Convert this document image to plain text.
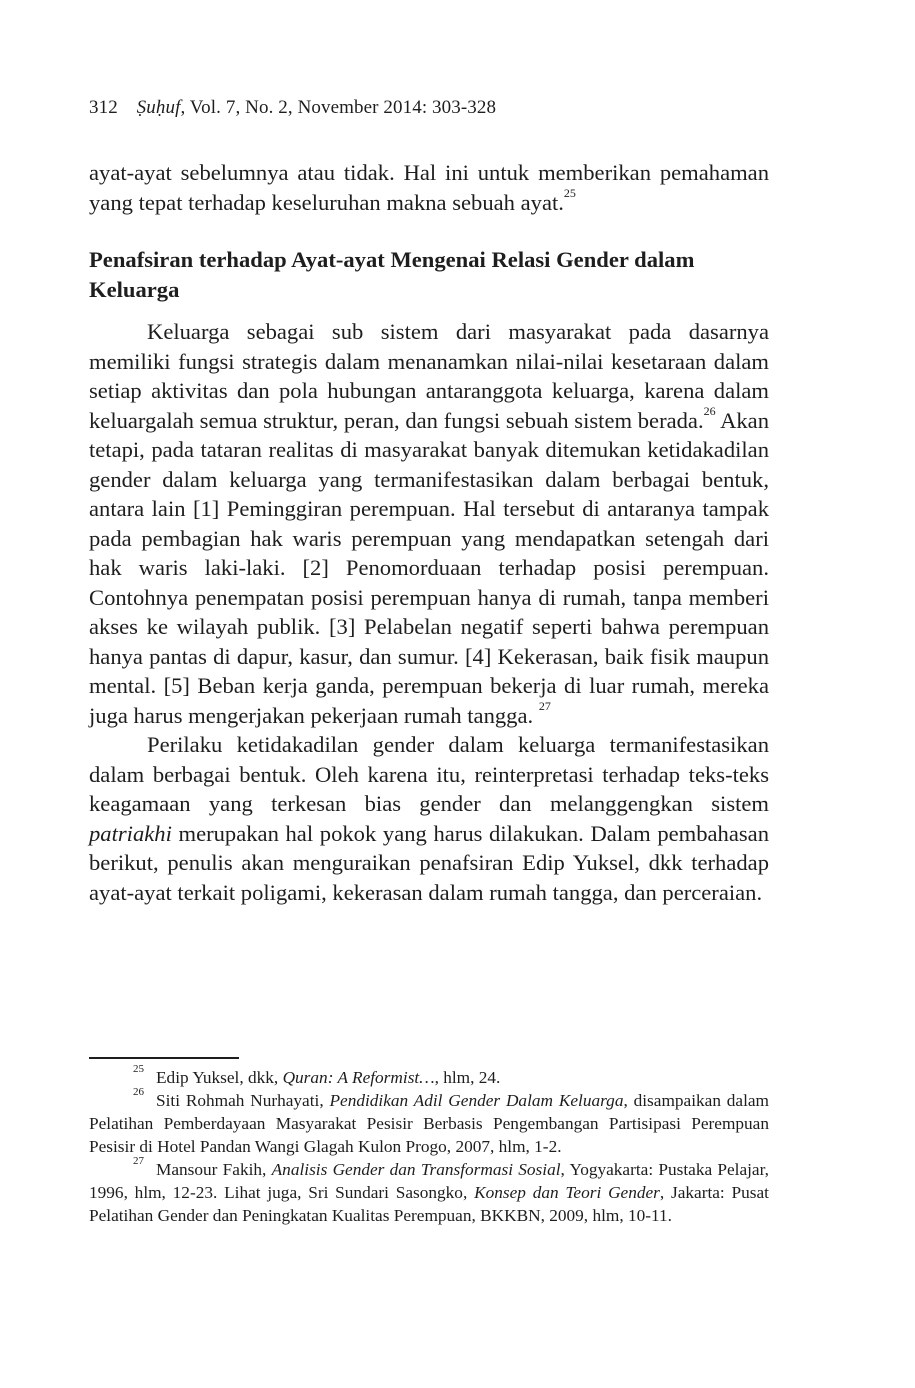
312 Ṣuḥuf, Vol. 7, No. 2, November 2014: 303-328

ayat-ayat sebelumnya atau tidak. Hal ini untuk memberikan pemahaman yang tepat terhadap keseluruhan makna sebuah ayat.$^{25}$

Penafsiran terhadap Ayat-ayat Mengenai Relasi Gender dalam Keluarga

Keluarga sebagai sub sistem dari masyarakat pada dasarnya memiliki fungsi strategis dalam menanamkan nilai-nilai kesetaraan dalam setiap aktivitas dan pola hubungan antaranggota keluarga, karena dalam keluargalah semua struktur, peran, dan fungsi sebuah sistem berada.$^{26}$ Akan tetapi, pada tataran realitas di masyarakat banyak ditemukan ketidakadilan gender dalam keluarga yang termanifestasikan dalam berbagai bentuk, antara lain [1] Peminggiran perempuan. Hal tersebut di antaranya tampak pada pembagian hak waris perempuan yang mendapatkan setengah dari hak waris laki-laki. [2] Penomorduaan terhadap posisi perempuan. Contohnya penempatan posisi perempuan hanya di rumah, tanpa memberi akses ke wilayah publik. [3] Pelabelan negatif seperti bahwa perempuan hanya pantas di dapur, kasur, dan sumur. [4] Kekerasan, baik fisik maupun mental. [5] Beban kerja ganda, perempuan bekerja di luar rumah, mereka juga harus mengerjakan pekerjaan rumah tangga. $^{27}$

Perilaku ketidakadilan gender dalam keluarga termanifestasikan dalam berbagai bentuk. Oleh karena itu, reinterpretasi terhadap teks-teks keagamaan yang terkesan bias gender dan melanggengkan sistem patriakhi merupakan hal pokok yang harus dilakukan. Dalam pembahasan berikut, penulis akan menguraikan penafsiran Edip Yuksel, dkk terhadap ayat-ayat terkait poligami, kekerasan dalam rumah tangga, dan perceraian.

$^{25}$ Edip Yuksel, dkk, Quran: A Reformist…, hlm, 24.

$^{26}$ Siti Rohmah Nurhayati, Pendidikan Adil Gender Dalam Keluarga, disampaikan dalam Pelatihan Pemberdayaan Masyarakat Pesisir Berbasis Pengembangan Partisipasi Perempuan Pesisir di Hotel Pandan Wangi Glagah Kulon Progo, 2007, hlm, 1-2.

$^{27}$ Mansour Fakih, Analisis Gender dan Transformasi Sosial, Yogyakarta: Pustaka Pelajar, 1996, hlm, 12-23. Lihat juga, Sri Sundari Sasongko, Konsep dan Teori Gender, Jakarta: Pusat Pelatihan Gender dan Peningkatan Kualitas Perempuan, BKKBN, 2009, hlm, 10-11.
